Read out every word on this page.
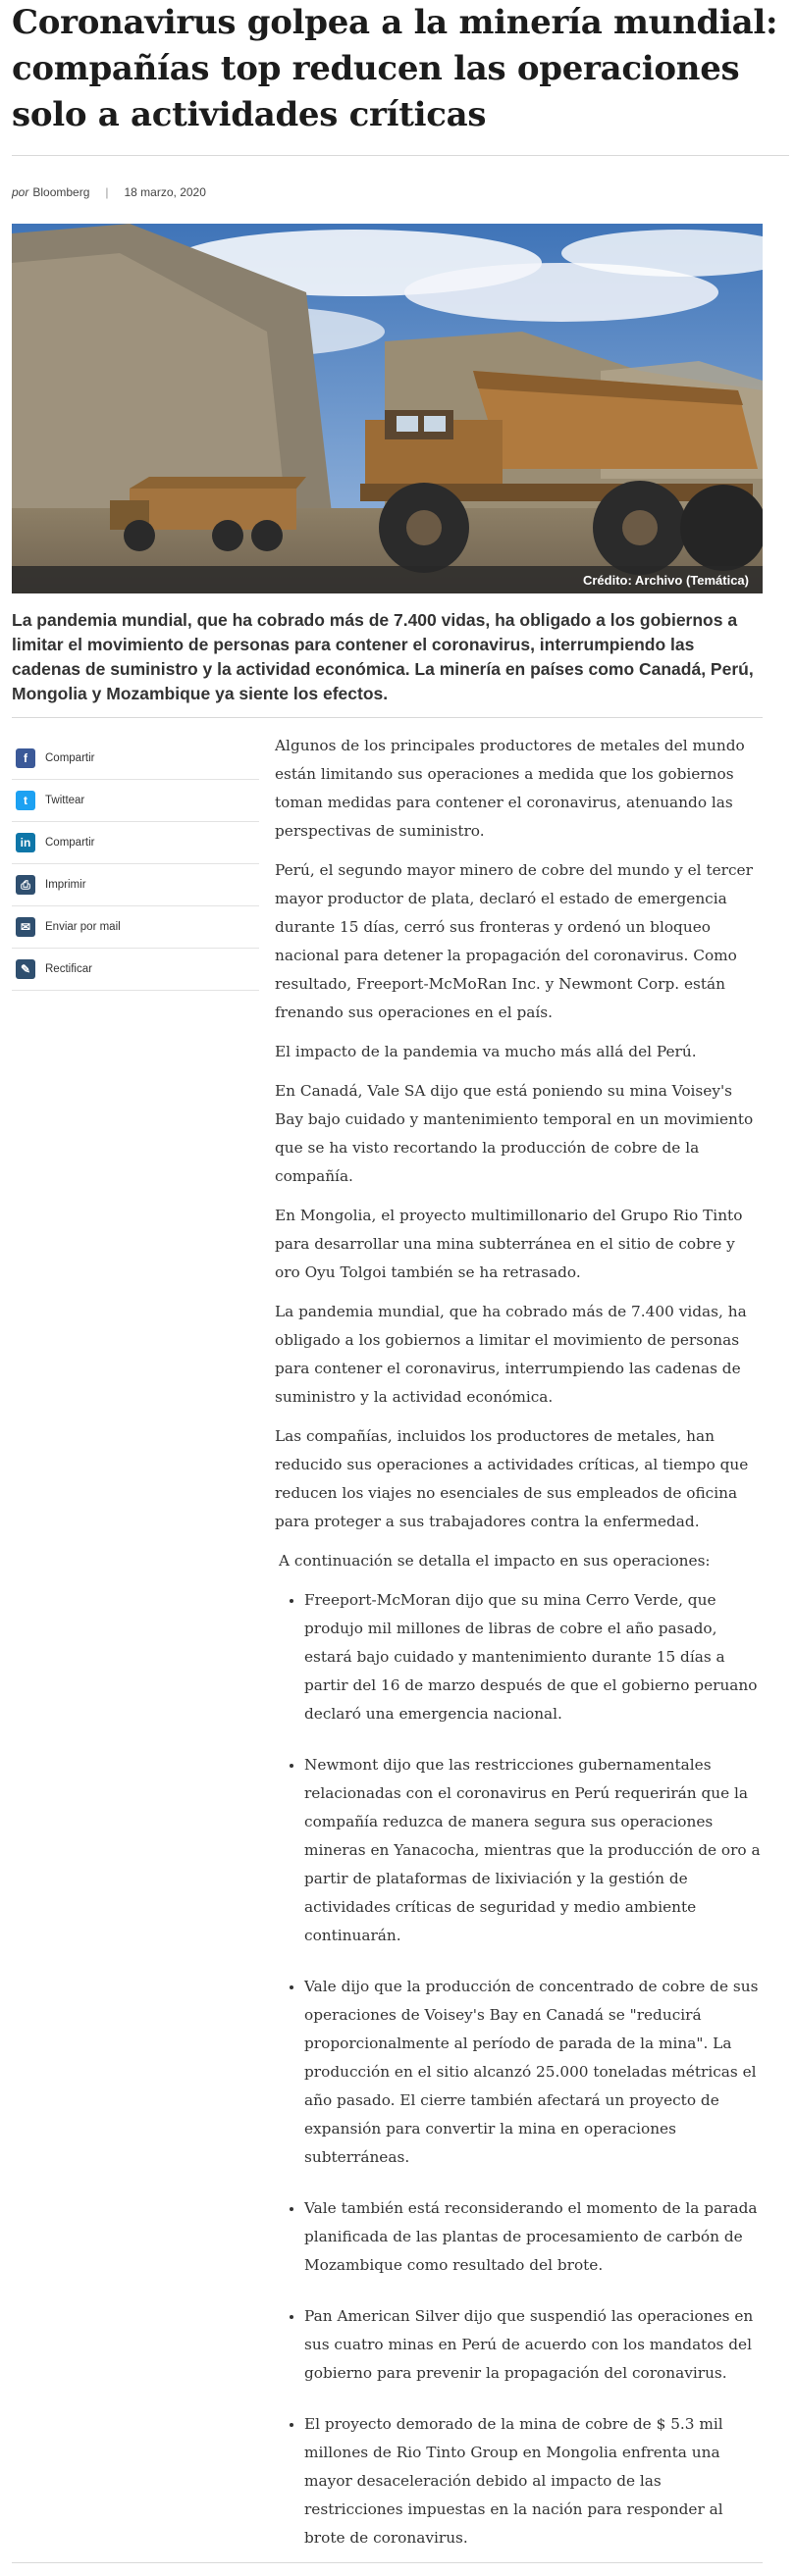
Coronavirus golpea a la minería mundial: compañías top reducen las operaciones solo a actividades críticas
por Bloomberg | 18 marzo, 2020
Crédito: Archivo (Temática)
La pandemia mundial, que ha cobrado más de 7.400 vidas, ha obligado a los gobiernos a limitar el movimiento de personas para contener el coronavirus, interrumpiendo las cadenas de suministro y la actividad económica. La minería en países como Canadá, Perú, Mongolia y Mozambique ya siente los efectos.
f	Compartir
t	Twittear
in	Compartir
⎙	Imprimir
✉	Enviar por mail
✎	Rectificar

Algunos de los principales productores de metales del mundo están limitando sus operaciones a medida que los gobiernos toman medidas para contener el coronavirus, atenuando las perspectivas de suministro.

Perú, el segundo mayor minero de cobre del mundo y el tercer mayor productor de plata, declaró el estado de emergencia durante 15 días, cerró sus fronteras y ordenó un bloqueo nacional para detener la propagación del coronavirus. Como resultado, Freeport-McMoRan Inc. y Newmont Corp. están frenando sus operaciones en el país.

El impacto de la pandemia va mucho más allá del Perú.

En Canadá, Vale SA dijo que está poniendo su mina Voisey's Bay bajo cuidado y mantenimiento temporal en un movimiento que se ha visto recortando la producción de cobre de la compañía.

En Mongolia, el proyecto multimillonario del Grupo Rio Tinto para desarrollar una mina subterránea en el sitio de cobre y oro Oyu Tolgoi también se ha retrasado.

La pandemia mundial, que ha cobrado más de 7.400 vidas, ha obligado a los gobiernos a limitar el movimiento de personas para contener el coronavirus, interrumpiendo las cadenas de suministro y la actividad económica.

Las compañías, incluidos los productores de metales, han reducido sus operaciones a actividades críticas, al tiempo que reducen los viajes no esenciales de sus empleados de oficina para proteger a sus trabajadores contra la enfermedad.

A continuación se detalla el impacto en sus operaciones:

• Freeport-McMoran dijo que su mina Cerro Verde, que produjo mil millones de libras de cobre el año pasado, estará bajo cuidado y mantenimiento durante 15 días a partir del 16 de marzo después de que el gobierno peruano declaró una emergencia nacional.
• Newmont dijo que las restricciones gubernamentales relacionadas con el coronavirus en Perú requerirán que la compañía reduzca de manera segura sus operaciones mineras en Yanacocha, mientras que la producción de oro a partir de plataformas de lixiviación y la gestión de actividades críticas de seguridad y medio ambiente continuarán.
• Vale dijo que la producción de concentrado de cobre de sus operaciones de Voisey's Bay en Canadá se "reducirá proporcionalmente al período de parada de la mina". La producción en el sitio alcanzó 25.000 toneladas métricas el año pasado. El cierre también afectará un proyecto de expansión para convertir la mina en operaciones subterráneas.
• Vale también está reconsiderando el momento de la parada planificada de las plantas de procesamiento de carbón de Mozambique como resultado del brote.
• Pan American Silver dijo que suspendió las operaciones en sus cuatro minas en Perú de acuerdo con los mandatos del gobierno para prevenir la propagación del coronavirus.
• El proyecto demorado de la mina de cobre de $ 5.3 mil millones de Rio Tinto Group en Mongolia enfrenta una mayor desaceleración debido al impacto de las restricciones impuestas en la nación para responder al brote de coronavirus.
